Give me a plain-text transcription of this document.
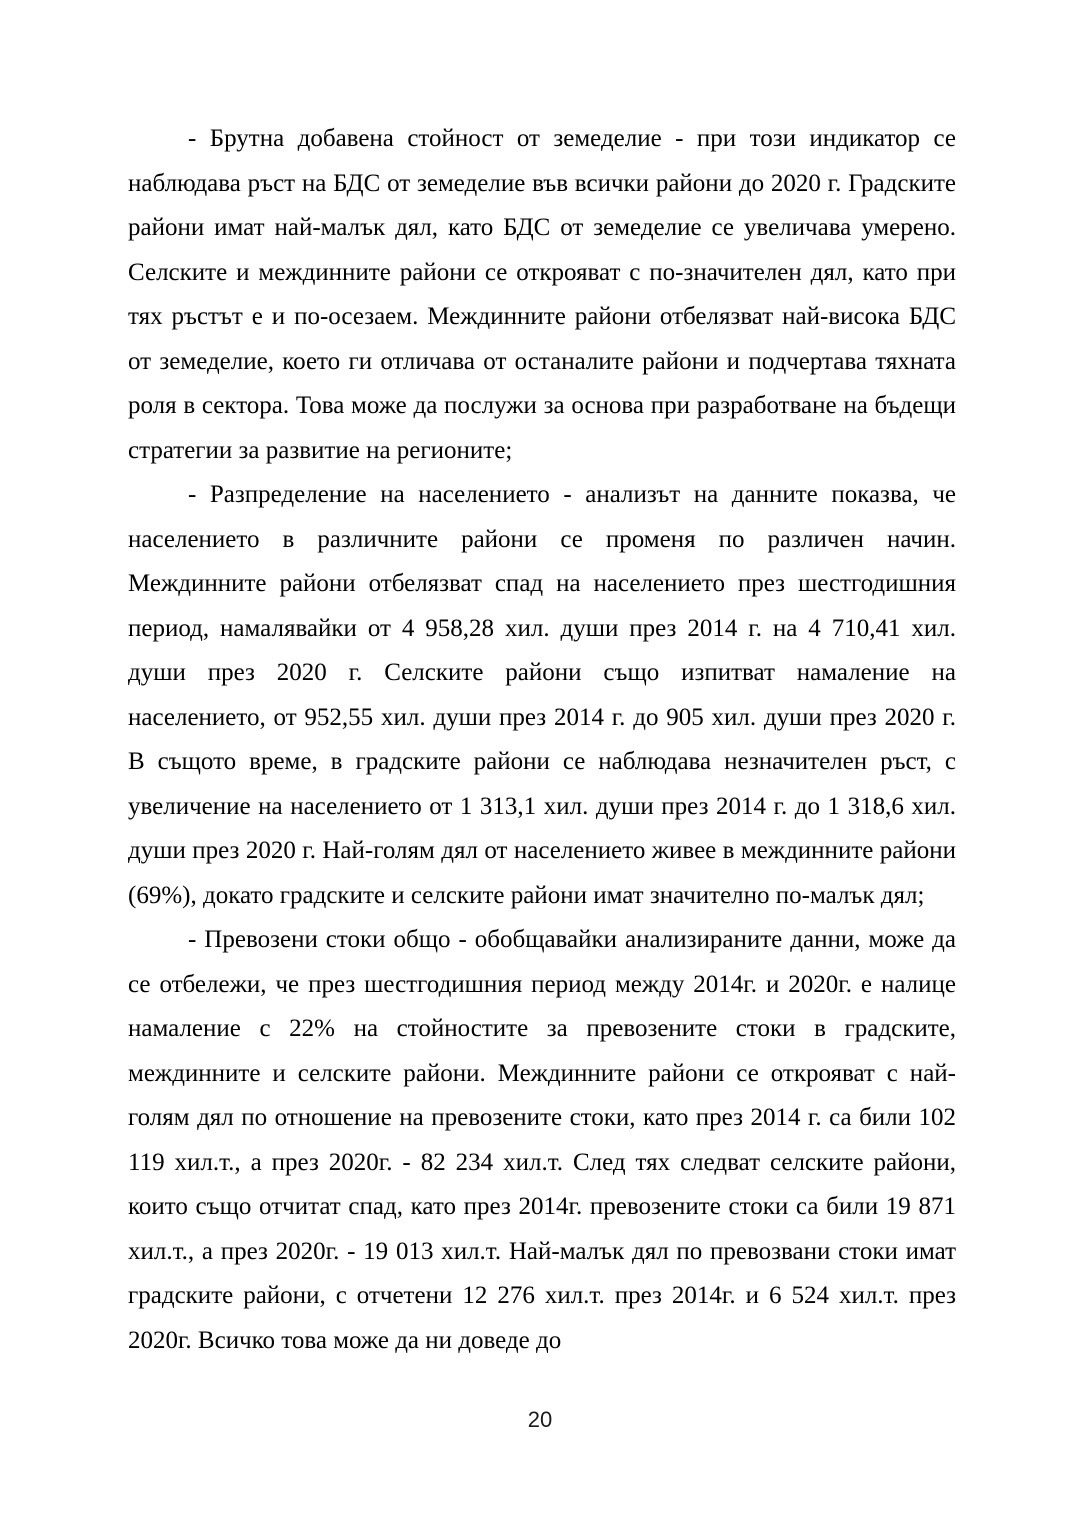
- Брутна добавена стойност от земеделие - при този индикатор се наблюдава ръст на БДС от земеделие във всички райони до 2020 г. Градските райони имат най-малък дял, като БДС от земеделие се увеличава умерено. Селските и междинните райони се открояват с по-значителен дял, като при тях ръстът е и по-осезаем. Междинните райони отбелязват най-висока БДС от земеделие, което ги отличава от останалите райони и подчертава тяхната роля в сектора. Това може да послужи за основа при разработване на бъдещи стратегии за развитие на регионите;

- Разпределение на населението - анализът на данните показва, че населението в различните райони се променя по различен начин. Междинните райони отбелязват спад на населението през шестгодишния период, намалявайки от 4 958,28 хил. души през 2014 г. на 4 710,41 хил. души през 2020 г. Селските райони също изпитват намаление на населението, от 952,55 хил. души през 2014 г. до 905 хил. души през 2020 г. В същото време, в градските райони се наблюдава незначителен ръст, с увеличение на населението от 1 313,1 хил. души през 2014 г. до 1 318,6 хил. души през 2020 г. Най-голям дял от населението живее в междинните райони (69%), докато градските и селските райони имат значително по-малък дял;

- Превозени стоки общо - обобщавайки анализираните данни, може да се отбележи, че през шестгодишния период между 2014г. и 2020г. е налице намаление с 22% на стойностите за превозените стоки в градските, междинните и селските райони. Междинните райони се открояват с най-голям дял по отношение на превозените стоки, като през 2014 г. са били 102 119 хил.т., а през 2020г. - 82 234 хил.т. След тях следват селските райони, които също отчитат спад, като през 2014г. превозените стоки са били 19 871 хил.т., а през 2020г. - 19 013 хил.т. Най-малък дял по превозвани стоки имат градските райони, с отчетени 12 276 хил.т. през 2014г. и 6 524 хил.т. през 2020г. Всичко това може да ни доведе до

20
